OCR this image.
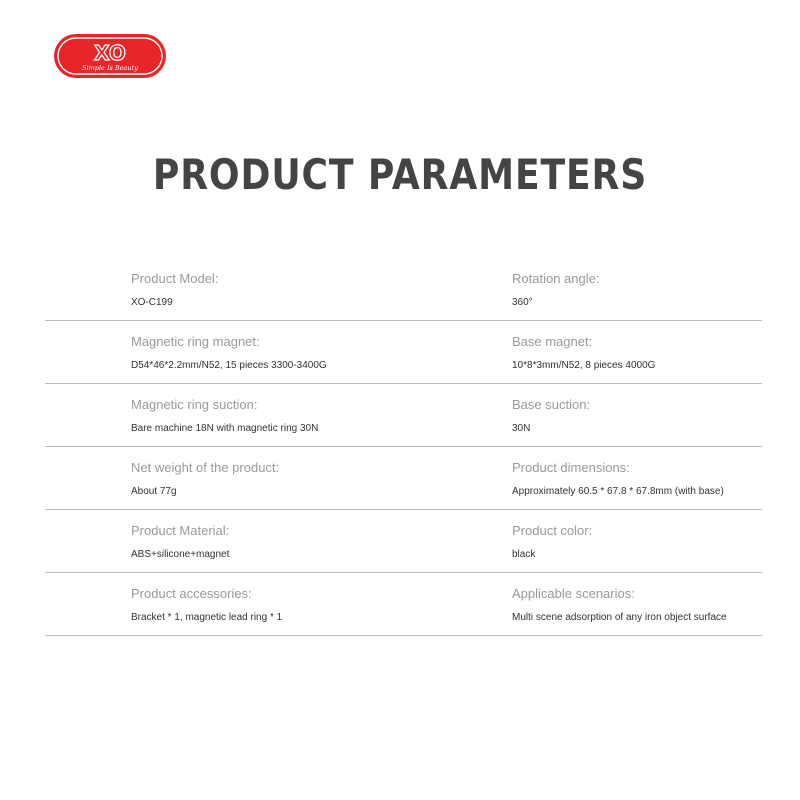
XO
Simple Is Beauty
PRODUCT PARAMETERS
Product Model:
XO-C199
Rotation angle:
360°
Magnetic ring magnet:
D54*46*2.2mm/N52, 15 pieces 3300-3400G
Base magnet:
10*8*3mm/N52, 8 pieces 4000G
Magnetic ring suction:
Bare machine 18N with magnetic ring 30N
Base suction:
30N
Net weight of the product:
About 77g
Product dimensions:
Approximately 60.5 * 67.8 * 67.8mm (with base)
Product Material:
ABS+silicone+magnet
Product color:
black
Product accessories:
Bracket * 1, magnetic lead ring * 1
Applicable scenarios:
Multi scene adsorption of any iron object surface
